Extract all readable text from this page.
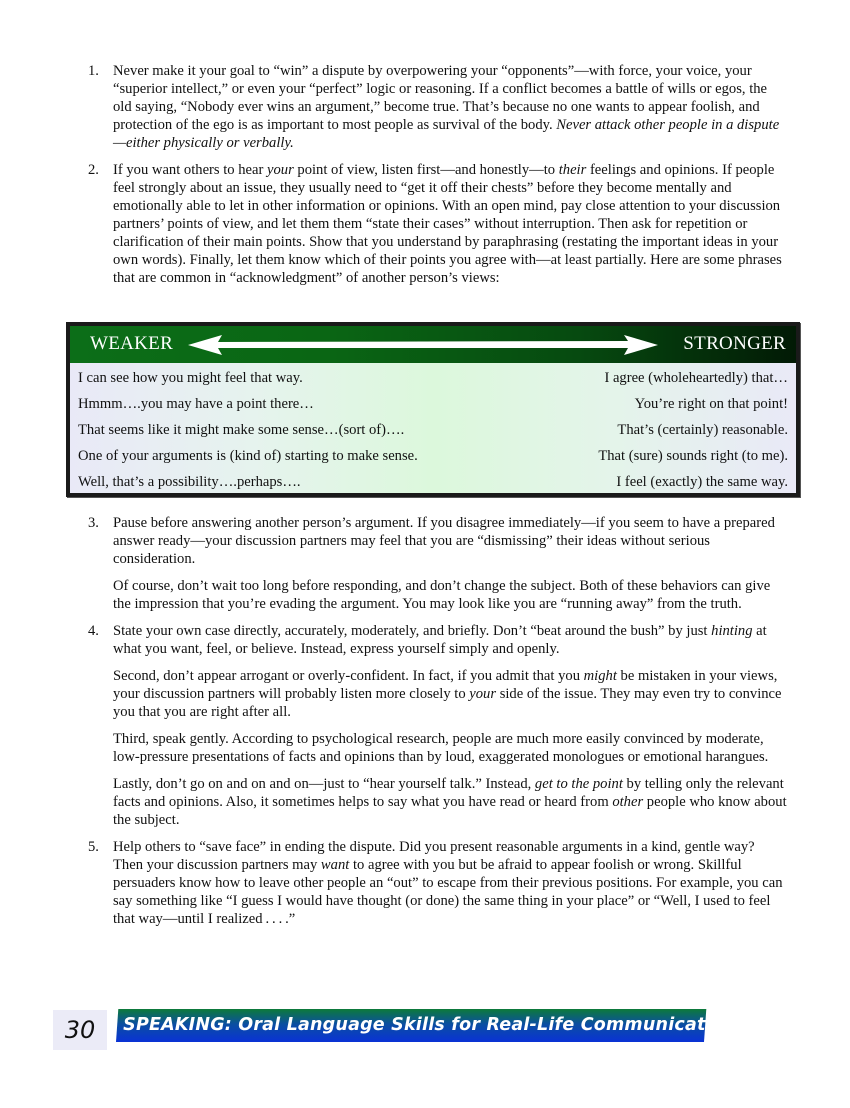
1. Never make it your goal to “win” a dispute by overpowering your “opponents”—with force, your voice, your “superior intellect,” or even your “perfect” logic or reasoning. If a conflict becomes a battle of wills or egos, the old saying, “Nobody ever wins an argument,” become true. That’s because no one wants to appear foolish, and protection of the ego is as important to most people as survival of the body. Never attack other people in a dispute—either physically or verbally.

2. If you want others to hear your point of view, listen first—and honestly—to their feelings and opinions. If people feel strongly about an issue, they usually need to “get it off their chests” before they become mentally and emotionally able to let in other information or opinions. With an open mind, pay close attention to your discussion partners’ points of view, and let them them “state their cases” without interruption. Then ask for repetition or clarification of their main points. Show that you understand by paraphrasing (restating the important ideas in your own words). Finally, let them know which of their points you agree with—at least partially. Here are some phrases that are common in “acknowledgment” of another person’s views:

WEAKER	STRONGER
I can see how you might feel that way.	I agree (wholeheartedly) that…
Hmmm….you may have a point there…	You’re right on that point!
That seems like it might make some sense…(sort of)….	That’s (certainly) reasonable.
One of your arguments is (kind of) starting to make sense.	That (sure) sounds right (to me).
Well, that’s a possibility….perhaps….	I feel (exactly) the same way.
3. Pause before answering another person’s argument. If you disagree immediately—if you seem to have a prepared answer ready—your discussion partners may feel that you are “dismissing” their ideas without serious consideration.

Of course, don’t wait too long before responding, and don’t change the subject. Both of these behaviors can give the impression that you’re evading the argument. You may look like you are “running away” from the truth.

4. State your own case directly, accurately, moderately, and briefly. Don’t “beat around the bush” by just hinting at what you want, feel, or believe. Instead, express yourself simply and openly.

Second, don’t appear arrogant or overly-confident. In fact, if you admit that you might be mistaken in your views, your discussion partners will probably listen more closely to your side of the issue. They may even try to convince you that you are right after all.

Third, speak gently. According to psychological research, people are much more easily convinced by moderate, low-pressure presentations of facts and opinions than by loud, exaggerated monologues or emotional harangues.

Lastly, don’t go on and on and on—just to “hear yourself talk.” Instead, get to the point by telling only the relevant facts and opinions. Also, it sometimes helps to say what you have read or heard from other people who know about the subject.

5. Help others to “save face” in ending the dispute. Did you present reasonable arguments in a kind, gentle way? Then your discussion partners may want to agree with you but be afraid to appear foolish or wrong. Skillful persuaders know how to leave other people an “out” to escape from their previous positions. For example, you can say something like “I guess I would have thought (or done) the same thing in your place” or “Well, I used to feel that way—until I realized . . . .”

30	SPEAKING: Oral Language Skills for Real-Life Communication
